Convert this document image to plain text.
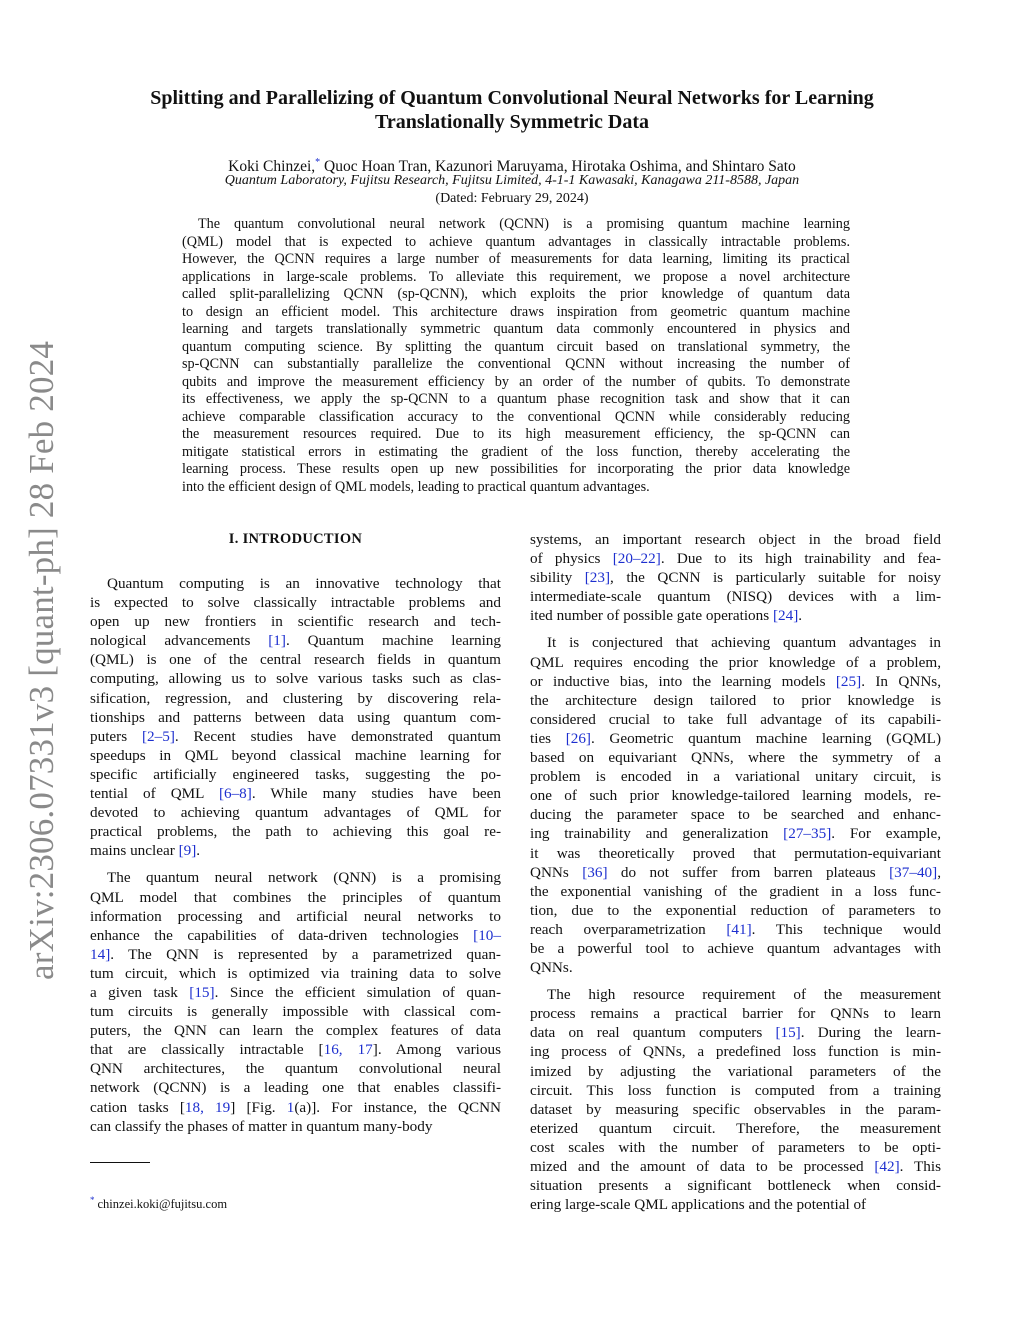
arXiv:2306.07331v3 [quant-ph] 28 Feb 2024
Splitting and Parallelizing of Quantum Convolutional Neural Networks for Learning
Translationally Symmetric Data
Koki Chinzei,* Quoc Hoan Tran, Kazunori Maruyama, Hirotaka Oshima, and Shintaro Sato
Quantum Laboratory, Fujitsu Research, Fujitsu Limited, 4-1-1 Kawasaki, Kanagawa 211-8588, Japan
(Dated: February 29, 2024)
The quantum convolutional neural network (QCNN) is a promising quantum machine learning
(QML) model that is expected to achieve quantum advantages in classically intractable problems.
However, the QCNN requires a large number of measurements for data learning, limiting its practical
applications in large-scale problems. To alleviate this requirement, we propose a novel architecture
called split-parallelizing QCNN (sp-QCNN), which exploits the prior knowledge of quantum data
to design an efficient model. This architecture draws inspiration from geometric quantum machine
learning and targets translationally symmetric quantum data commonly encountered in physics and
quantum computing science. By splitting the quantum circuit based on translational symmetry, the
sp-QCNN can substantially parallelize the conventional QCNN without increasing the number of
qubits and improve the measurement efficiency by an order of the number of qubits. To demonstrate
its effectiveness, we apply the sp-QCNN to a quantum phase recognition task and show that it can
achieve comparable classification accuracy to the conventional QCNN while considerably reducing
the measurement resources required. Due to its high measurement efficiency, the sp-QCNN can
mitigate statistical errors in estimating the gradient of the loss function, thereby accelerating the
learning process. These results open up new possibilities for incorporating the prior data knowledge
into the efficient design of QML models, leading to practical quantum advantages.
I. INTRODUCTION
Quantum computing is an innovative technology that
is expected to solve classically intractable problems and
open up new frontiers in scientific research and tech-
nological advancements [1]. Quantum machine learning
(QML) is one of the central research fields in quantum
computing, allowing us to solve various tasks such as clas-
sification, regression, and clustering by discovering rela-
tionships and patterns between data using quantum com-
puters [2–5]. Recent studies have demonstrated quantum
speedups in QML beyond classical machine learning for
specific artificially engineered tasks, suggesting the po-
tential of QML [6–8]. While many studies have been
devoted to achieving quantum advantages of QML for
practical problems, the path to achieving this goal re-
mains unclear [9].
The quantum neural network (QNN) is a promising
QML model that combines the principles of quantum
information processing and artificial neural networks to
enhance the capabilities of data-driven technologies [10–
14]. The QNN is represented by a parametrized quan-
tum circuit, which is optimized via training data to solve
a given task [15]. Since the efficient simulation of quan-
tum circuits is generally impossible with classical com-
puters, the QNN can learn the complex features of data
that are classically intractable [16, 17]. Among various
QNN architectures, the quantum convolutional neural
network (QCNN) is a leading one that enables classifi-
cation tasks [18, 19] [Fig. 1(a)]. For instance, the QCNN
can classify the phases of matter in quantum many-body
systems, an important research object in the broad field
of physics [20–22]. Due to its high trainability and fea-
sibility [23], the QCNN is particularly suitable for noisy
intermediate-scale quantum (NISQ) devices with a lim-
ited number of possible gate operations [24].
It is conjectured that achieving quantum advantages in
QML requires encoding the prior knowledge of a problem,
or inductive bias, into the learning models [25]. In QNNs,
the architecture design tailored to prior knowledge is
considered crucial to take full advantage of its capabili-
ties [26]. Geometric quantum machine learning (GQML)
based on equivariant QNNs, where the symmetry of a
problem is encoded in a variational unitary circuit, is
one of such prior knowledge-tailored learning models, re-
ducing the parameter space to be searched and enhanc-
ing trainability and generalization [27–35]. For example,
it was theoretically proved that permutation-equivariant
QNNs [36] do not suffer from barren plateaus [37–40],
the exponential vanishing of the gradient in a loss func-
tion, due to the exponential reduction of parameters to
reach overparametrization [41]. This technique would
be a powerful tool to achieve quantum advantages with
QNNs.
The high resource requirement of the measurement
process remains a practical barrier for QNNs to learn
data on real quantum computers [15]. During the learn-
ing process of QNNs, a predefined loss function is min-
imized by adjusting the variational parameters of the
circuit. This loss function is computed from a training
dataset by measuring specific observables in the param-
eterized quantum circuit. Therefore, the measurement
cost scales with the number of parameters to be opti-
mized and the amount of data to be processed [42]. This
situation presents a significant bottleneck when consid-
ering large-scale QML applications and the potential of
* chinzei.koki@fujitsu.com
